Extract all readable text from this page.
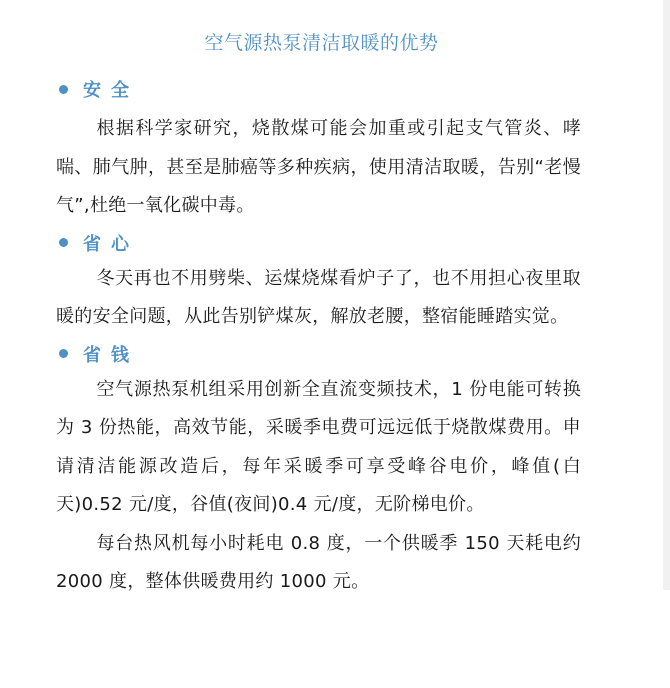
空气源热泵清洁取暖的优势
安全

根据科学家研究，烧散煤可能会加重或引起支气管炎、哮喘、肺气肿，甚至是肺癌等多种疾病，使用清洁取暖，告别“老慢气”,杜绝一氧化碳中毒。

省心

冬天再也不用劈柴、运煤烧煤看炉子了，也不用担心夜里取暖的安全问题，从此告别铲煤灰，解放老腰，整宿能睡踏实觉。

省钱

空气源热泵机组采用创新全直流变频技术，1 份电能可转换为 3 份热能，高效节能，采暖季电费可远远低于烧散煤费用。申请清洁能源改造后，每年采暖季可享受峰谷电价，峰值(白天)0.52 元/度，谷值(夜间)0.4 元/度，无阶梯电价。

每台热风机每小时耗电 0.8 度，一个供暖季 150 天耗电约 2000 度，整体供暖费用约 1000 元。
